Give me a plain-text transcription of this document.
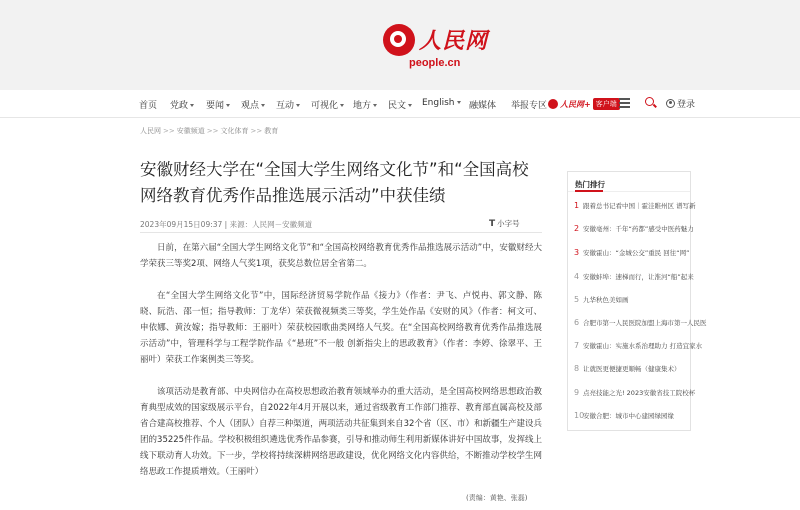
人民网
people.cn
首页 党政	要闻	观点	互动	可视化	地方	民文	English	融媒体 举报专区 人民网+ 客户端	登录
人民网 >> 安徽频道 >> 文化体育 >> 教育
安徽财经大学在“全国大学生网络文化节”和“全国高校网络教育优秀作品推选展示活动”中获佳绩
2023年09月15日09:37 | 来源：人民网－安徽频道	T 小字号

日前，在第六届“全国大学生网络文化节”和“全国高校网络教育优秀作品推选展示活动”中，安徽财经大学荣获三等奖2项、网络人气奖1项，获奖总数位居全省第二。

在“全国大学生网络文化节”中，国际经济贸易学院作品《接力》（作者：尹飞、卢悦冉、郭文静、陈晓、阮浩、邵一恒；指导教师：丁龙华）荣获微视频类三等奖，学生处作品《安财的风》（作者：柯文可、申依娜、黄汝嫁；指导教师：王丽叶）荣获校园歌曲类网络人气奖。在“全国高校网络教育优秀作品推选展示活动”中，管理科学与工程学院作品《“悬班”不一般 创新指尖上的思政教育》（作者：李婷、徐翠平、王丽叶）荣获工作案例类三等奖。

该项活动是教育部、中央网信办在高校思想政治教育领域举办的重大活动，是全国高校网络思想政治教育典型成效的国家级展示平台，自2022年4月开展以来，通过省级教育工作部门推荐、教育部直属高校及部省合建高校推荐、个人（团队）自荐三种渠道，两项活动共征集到来自32个省（区、市）和新疆生产建设兵团的35225件作品。学校积极组织遴选优秀作品参赛，引导和推动师生利用新媒体讲好中国故事，发挥线上线下联动育人功效。下一步，学校将持续深耕网络思政建设，优化网络文化内容供给，不断推动学校学生网络思政工作提质增效。（王丽叶）

(责编：黄艳、张磊)
热门排行
1 跟着总书记看中国｜霍洼睢州区 谱写新
2 安徽亳州：千年“药都”感受中医药魅力
3 安徽霍山：“金城公交”重民 回往“网”
4 安徽蚌埠：速梯而行，让淮河“船”起来
5 九华秋色美如画
6 合肥市第一人民医院加盟上海市第一人民医
7 安徽霍山：实施水系治理助力 打造宜家水
8 让就医更便捷更顺畅（健康集术）
9 点亮技能之光! 2023安徽省技工院校杯
10安徽合肥：城市中心建园绿园缘
